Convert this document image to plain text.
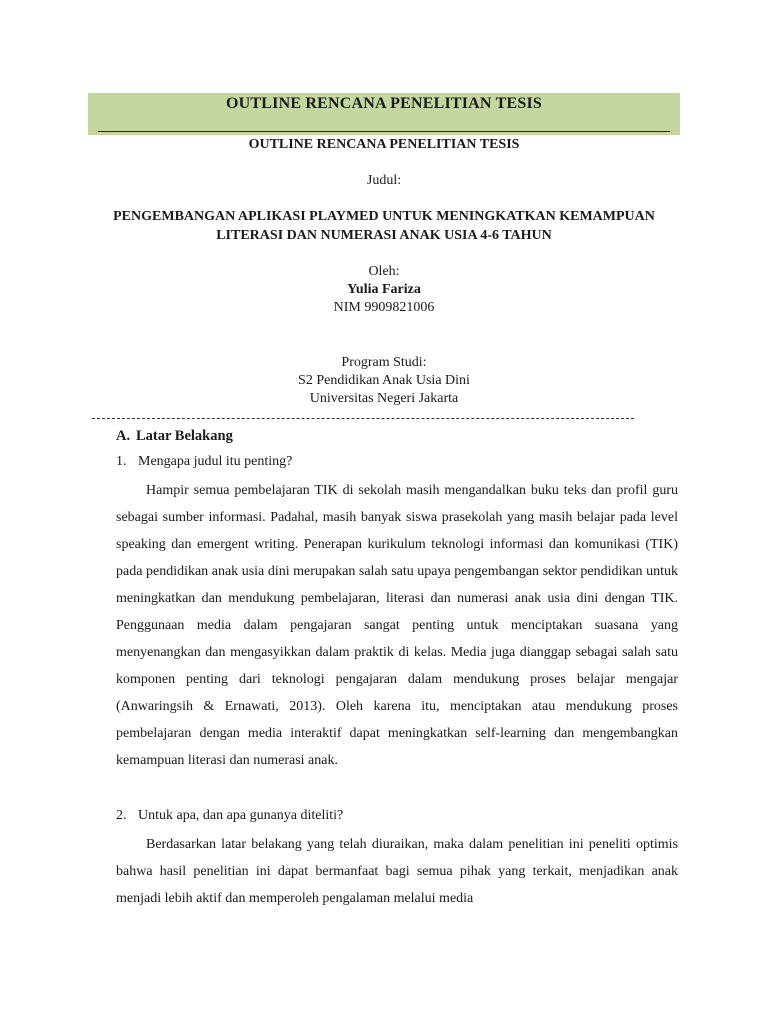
OUTLINE RENCANA PENELITIAN TESIS
OUTLINE RENCANA PENELITIAN TESIS
Judul:
PENGEMBANGAN APLIKASI PLAYMED UNTUK MENINGKATKAN KEMAMPUAN
LITERASI DAN NUMERASI ANAK USIA 4-6 TAHUN
Oleh:
Yulia Fariza
NIM 9909821006
Program Studi:
S2 Pendidikan Anak Usia Dini
Universitas Negeri Jakarta
A. Latar Belakang
1. Mengapa judul itu penting?
Hampir semua pembelajaran TIK di sekolah masih mengandalkan buku teks dan profil guru sebagai sumber informasi. Padahal, masih banyak siswa prasekolah yang masih belajar pada level speaking dan emergent writing. Penerapan kurikulum teknologi informasi dan komunikasi (TIK) pada pendidikan anak usia dini merupakan salah satu upaya pengembangan sektor pendidikan untuk meningkatkan dan mendukung pembelajaran, literasi dan numerasi anak usia dini dengan TIK. Penggunaan media dalam pengajaran sangat penting untuk menciptakan suasana yang menyenangkan dan mengasyikkan dalam praktik di kelas. Media juga dianggap sebagai salah satu komponen penting dari teknologi pengajaran dalam mendukung proses belajar mengajar (Anwaringsih & Ernawati, 2013). Oleh karena itu, menciptakan atau mendukung proses pembelajaran dengan media interaktif dapat meningkatkan self-learning dan mengembangkan kemampuan literasi dan numerasi anak.
2. Untuk apa, dan apa gunanya diteliti?
Berdasarkan latar belakang yang telah diuraikan, maka dalam penelitian ini peneliti optimis bahwa hasil penelitian ini dapat bermanfaat bagi semua pihak yang terkait, menjadikan anak menjadi lebih aktif dan memperoleh pengalaman melalui media
